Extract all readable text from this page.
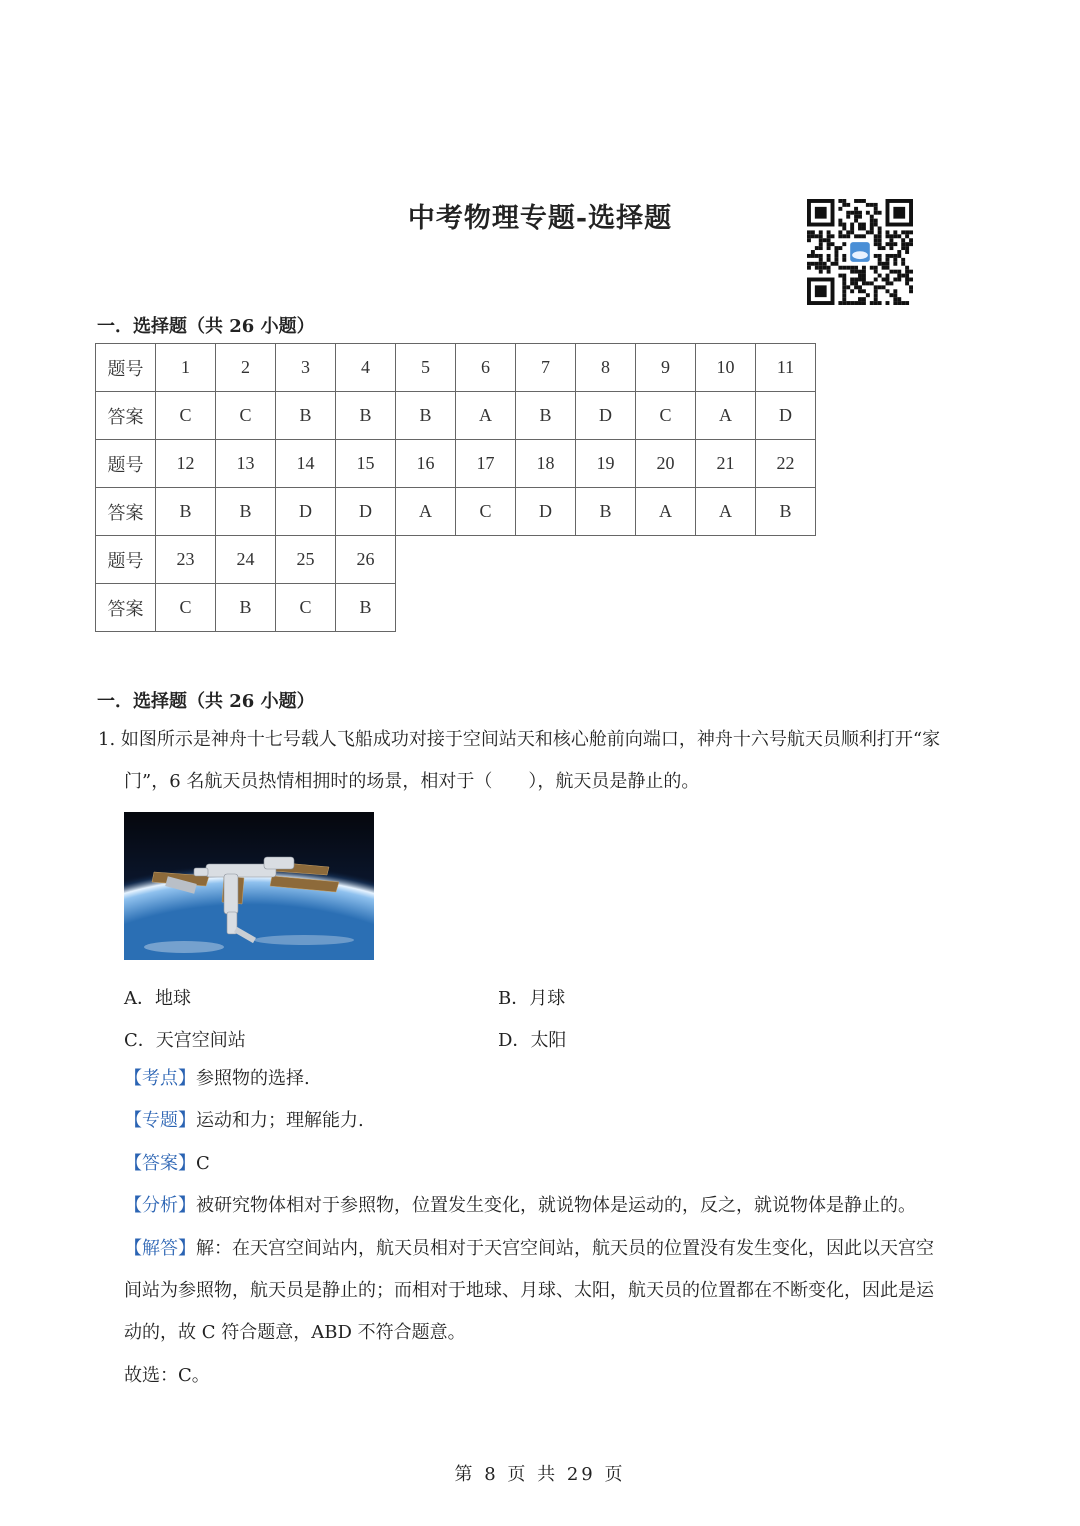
中考物理专题-选择题
一．选择题（共 26 小题）
题号	1	2	3	4	5	6	7	8	9	10	11
答案	C	C	B	B	B	A	B	D	C	A	D
题号	12	13	14	15	16	17	18	19	20	21	22
答案	B	B	D	D	A	C	D	B	A	A	B
题号	23	24	25	26							
答案	C	B	C	B							
一．选择题（共 26 小题）
1. 如图所示是神舟十七号载人飞船成功对接于空间站天和核心舱前向端口，神舟十六号航天员顺利打开“家
门”，6 名航天员热情相拥时的场景，相对于（　　），航天员是静止的。
A．地球	B．月球
C．天宫空间站	D．太阳
【考点】参照物的选择.
【专题】运动和力；理解能力.
【答案】C
【分析】被研究物体相对于参照物，位置发生变化，就说物体是运动的，反之，就说物体是静止的。
【解答】解：在天宫空间站内，航天员相对于天宫空间站，航天员的位置没有发生变化，因此以天宫空
间站为参照物，航天员是静止的；而相对于地球、月球、太阳，航天员的位置都在不断变化，因此是运
动的，故 C 符合题意，ABD 不符合题意。
故选：C。
第 8 页 共 29 页
